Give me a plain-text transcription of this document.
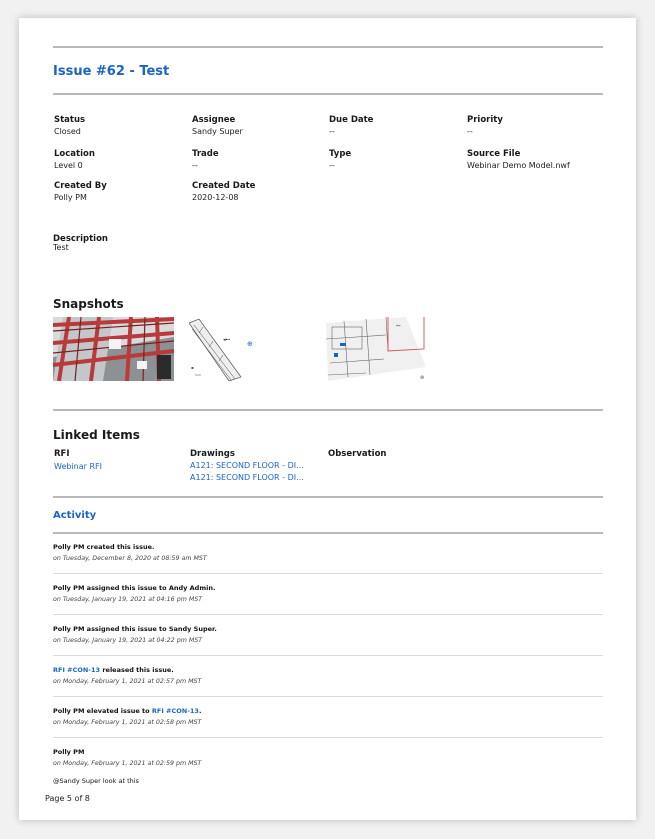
Issue #62 - Test
Status
Closed
Assignee
Sandy Super
Due Date
--
Priority
--
Location
Level 0
Trade
--
Type
--
Source File
Webinar Demo Model.nwf
Created By
Polly PM
Created Date
2020-12-08
Description
Test
Snapshots
◂⊷
▪
⊕
⊷
⊜
Linked Items
RFI
Webinar RFI
Drawings
A121: SECOND FLOOR - DI...
A121: SECOND FLOOR - DI...
Observation
Activity
Polly PM created this issue.
on Tuesday, December 8, 2020 at 08:59 am MST
Polly PM assigned this issue to Andy Admin.
on Tuesday, January 19, 2021 at 04:16 pm MST
Polly PM assigned this issue to Sandy Super.
on Tuesday, January 19, 2021 at 04:22 pm MST
RFI #CON-13 released this issue.
on Monday, February 1, 2021 at 02:57 pm MST
Polly PM elevated issue to RFI #CON-13.
on Monday, February 1, 2021 at 02:58 pm MST
Polly PM
on Monday, February 1, 2021 at 02:59 pm MST
@Sandy Super look at this
Page 5 of 8
